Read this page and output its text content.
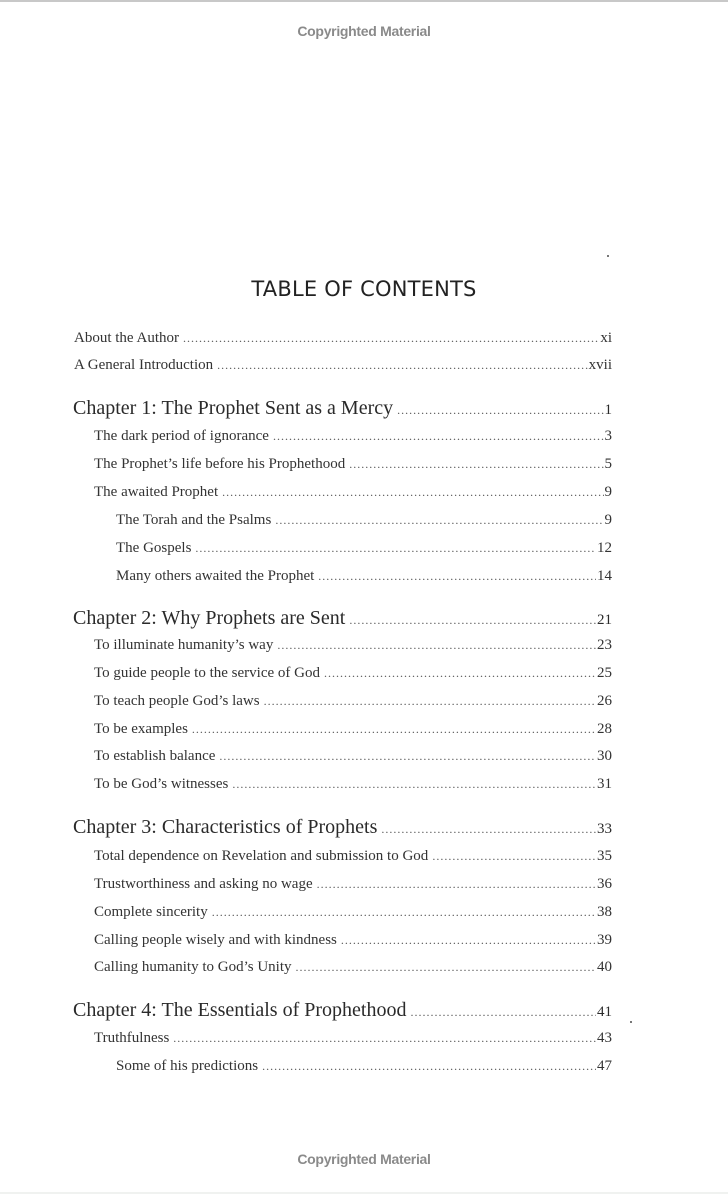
Copyrighted Material
TABLE OF CONTENTS
About the Author .....	xi
A General Introduction .....	xvii
Chapter 1: The Prophet Sent as a Mercy .....	1
The dark period of ignorance .....	3
The Prophet’s life before his Prophethood .....	5
The awaited Prophet .....	9
The Torah and the Psalms .....	9
The Gospels .....	12
Many others awaited the Prophet .....	14
Chapter 2: Why Prophets are Sent .....	21
To illuminate humanity’s way .....	23
To guide people to the service of God .....	25
To teach people God’s laws .....	26
To be examples .....	28
To establish balance .....	30
To be God’s witnesses .....	31
Chapter 3: Characteristics of Prophets .....	33
Total dependence on Revelation and submission to God .....	35
Trustworthiness and asking no wage .....	36
Complete sincerity .....	38
Calling people wisely and with kindness .....	39
Calling humanity to God’s Unity .....	40
Chapter 4: The Essentials of Prophethood .....	41
Truthfulness .....	43
Some of his predictions .....	47
Copyrighted Material
